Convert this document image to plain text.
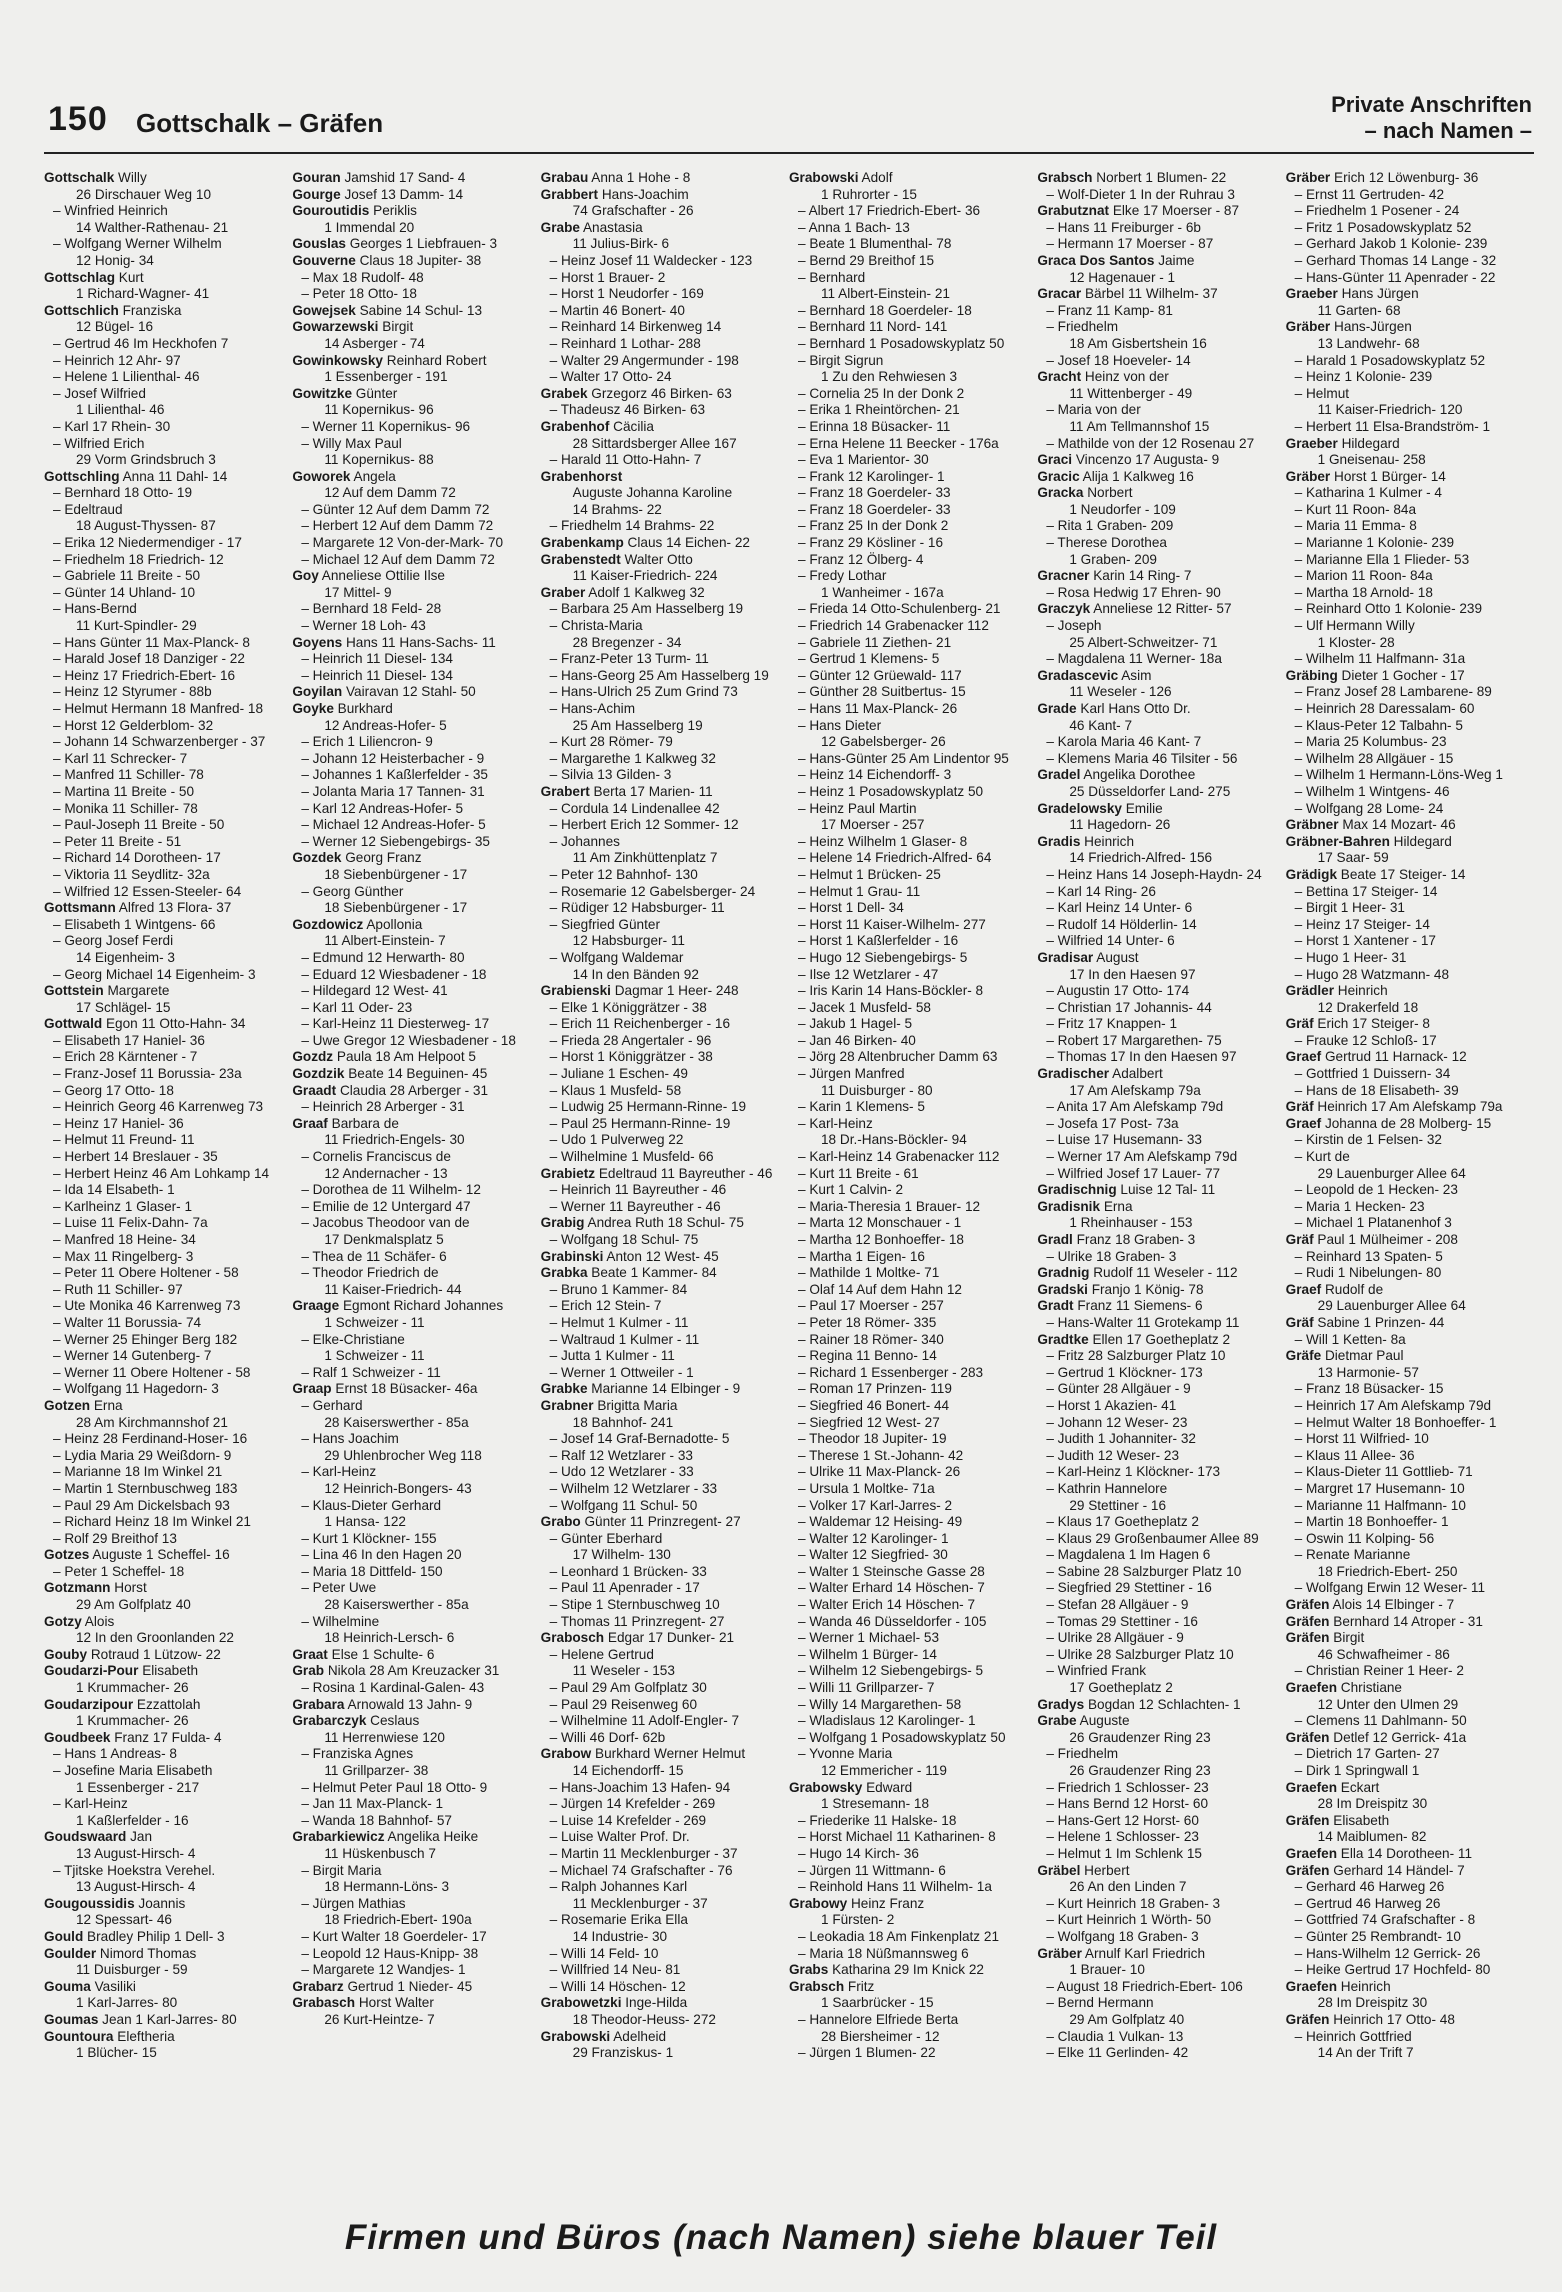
150 Gottschalk – Gräfen
Private Anschriften
– nach Namen –
Gottschalk Willy
26 Dirschauer Weg 10
– Winfried Heinrich
14 Walther-Rathenau- 21
– Wolfgang Werner Wilhelm
12 Honig- 34
Gottschlag Kurt
1 Richard-Wagner- 41
Gottschlich Franziska
12 Bügel- 16
– Gertrud 46 Im Heckhofen 7
– Heinrich 12 Ahr- 97
– Helene 1 Lilienthal- 46
– Josef Wilfried
1 Lilienthal- 46
– Karl 17 Rhein- 30
– Wilfried Erich
29 Vorm Grindsbruch 3
Gottschling Anna 11 Dahl- 14
– Bernhard 18 Otto- 19
– Edeltraud
18 August-Thyssen- 87
– Erika 12 Niedermendiger - 17
– Friedhelm 18 Friedrich- 12
– Gabriele 11 Breite - 50
– Günter 14 Uhland- 10
– Hans-Bernd
11 Kurt-Spindler- 29
– Hans Günter 11 Max-Planck- 8
– Harald Josef 18 Danziger - 22
– Heinz 17 Friedrich-Ebert- 16
– Heinz 12 Styrumer - 88b
– Helmut Hermann 18 Manfred- 18
– Horst 12 Gelderblom- 32
– Johann 14 Schwarzenberger - 37
– Karl 11 Schrecker- 7
– Manfred 11 Schiller- 78
– Martina 11 Breite - 50
– Monika 11 Schiller- 78
– Paul-Joseph 11 Breite - 50
– Peter 11 Breite - 51
– Richard 14 Dorotheen- 17
– Viktoria 11 Seydlitz- 32a
– Wilfried 12 Essen-Steeler- 64
Gottsmann Alfred 13 Flora- 37
– Elisabeth 1 Wintgens- 66
– Georg Josef Ferdi
14 Eigenheim- 3
– Georg Michael 14 Eigenheim- 3
Gottstein Margarete
17 Schlägel- 15
Gottwald Egon 11 Otto-Hahn- 34
– Elisabeth 17 Haniel- 36
– Erich 28 Kärntener - 7
– Franz-Josef 11 Borussia- 23a
– Georg 17 Otto- 18
– Heinrich Georg 46 Karrenweg 73
– Heinz 17 Haniel- 36
– Helmut 11 Freund- 11
– Herbert 14 Breslauer - 35
– Herbert Heinz 46 Am Lohkamp 14
– Ida 14 Elsabeth- 1
– Karlheinz 1 Glaser- 1
– Luise 11 Felix-Dahn- 7a
– Manfred 18 Heine- 34
– Max 11 Ringelberg- 3
– Peter 11 Obere Holtener - 58
– Ruth 11 Schiller- 97
– Ute Monika 46 Karrenweg 73
– Walter 11 Borussia- 74
– Werner 25 Ehinger Berg 182
– Werner 14 Gutenberg- 7
– Werner 11 Obere Holtener - 58
– Wolfgang 11 Hagedorn- 3
Gotzen Erna
28 Am Kirchmannshof 21
– Heinz 28 Ferdinand-Hoser- 16
– Lydia Maria 29 Weißdorn- 9
– Marianne 18 Im Winkel 21
– Martin 1 Sternbuschweg 183
– Paul 29 Am Dickelsbach 93
– Richard Heinz 18 Im Winkel 21
– Rolf 29 Breithof 13
Gotzes Auguste 1 Scheffel- 16
– Peter 1 Scheffel- 18
Gotzmann Horst
29 Am Golfplatz 40
Gotzy Alois
12 In den Groonlanden 22
Gouby Rotraud 1 Lützow- 22
Goudarzi-Pour Elisabeth
1 Krummacher- 26
Goudarzipour Ezzattolah
1 Krummacher- 26
Goudbeek Franz 17 Fulda- 4
– Hans 1 Andreas- 8
– Josefine Maria Elisabeth
1 Essenberger - 217
– Karl-Heinz
1 Kaßlerfelder - 16
Goudswaard Jan
13 August-Hirsch- 4
– Tjitske Hoekstra Verehel.
13 August-Hirsch- 4
Gougoussidis Joannis
12 Spessart- 46
Gould Bradley Philip 1 Dell- 3
Goulder Nimord Thomas
11 Duisburger - 59
Gouma Vasiliki
1 Karl-Jarres- 80
Goumas Jean 1 Karl-Jarres- 80
Gountoura Eleftheria
1 Blücher- 15
Gouran Jamshid 17 Sand- 4
Gourge Josef 13 Damm- 14
Gouroutidis Periklis
1 Immendal 20
Gouslas Georges 1 Liebfrauen- 3
Gouverne Claus 18 Jupiter- 38
– Max 18 Rudolf- 48
– Peter 18 Otto- 18
Gowejsek Sabine 14 Schul- 13
Gowarzewski Birgit
14 Asberger - 74
Gowinkowsky Reinhard Robert
1 Essenberger - 191
Gowitzke Günter
11 Kopernikus- 96
– Werner 11 Kopernikus- 96
– Willy Max Paul
11 Kopernikus- 88
Goworek Angela
12 Auf dem Damm 72
– Günter 12 Auf dem Damm 72
– Herbert 12 Auf dem Damm 72
– Margarete 12 Von-der-Mark- 70
– Michael 12 Auf dem Damm 72
Goy Anneliese Ottilie Ilse
17 Mittel- 9
– Bernhard 18 Feld- 28
– Werner 18 Loh- 43
Goyens Hans 11 Hans-Sachs- 11
– Heinrich 11 Diesel- 134
– Heinrich 11 Diesel- 134
Goyilan Vairavan 12 Stahl- 50
Goyke Burkhard
12 Andreas-Hofer- 5
– Erich 1 Liliencron- 9
– Johann 12 Heisterbacher - 9
– Johannes 1 Kaßlerfelder - 35
– Jolanta Maria 17 Tannen- 31
– Karl 12 Andreas-Hofer- 5
– Michael 12 Andreas-Hofer- 5
– Werner 12 Siebengebirgs- 35
Gozdek Georg Franz
18 Siebenbürgener - 17
– Georg Günther
18 Siebenbürgener - 17
Gozdowicz Apollonia
11 Albert-Einstein- 7
– Edmund 12 Herwarth- 80
– Eduard 12 Wiesbadener - 18
– Hildegard 12 West- 41
– Karl 11 Oder- 23
– Karl-Heinz 11 Diesterweg- 17
– Uwe Gregor 12 Wiesbadener - 18
Gozdz Paula 18 Am Helpoot 5
Gozdzik Beate 14 Beguinen- 45
Graadt Claudia 28 Arberger - 31
– Heinrich 28 Arberger - 31
Graaf Barbara de
11 Friedrich-Engels- 30
– Cornelis Franciscus de
12 Andernacher - 13
– Dorothea de 11 Wilhelm- 12
– Emilie de 12 Untergard 47
– Jacobus Theodoor van de
17 Denkmalsplatz 5
– Thea de 11 Schäfer- 6
– Theodor Friedrich de
11 Kaiser-Friedrich- 44
Graage Egmont Richard Johannes
1 Schweizer - 11
– Elke-Christiane
1 Schweizer - 11
– Ralf 1 Schweizer - 11
Graap Ernst 18 Büsacker- 46a
– Gerhard
28 Kaiserswerther - 85a
– Hans Joachim
29 Uhlenbrocher Weg 118
– Karl-Heinz
12 Heinrich-Bongers- 43
– Klaus-Dieter Gerhard
1 Hansa- 122
– Kurt 1 Klöckner- 155
– Lina 46 In den Hagen 20
– Maria 18 Dittfeld- 150
– Peter Uwe
28 Kaiserswerther - 85a
– Wilhelmine
18 Heinrich-Lersch- 6
Graat Else 1 Schulte- 6
Grab Nikola 28 Am Kreuzacker 31
– Rosina 1 Kardinal-Galen- 43
Grabara Arnowald 13 Jahn- 9
Grabarczyk Ceslaus
11 Herrenwiese 120
– Franziska Agnes
11 Grillparzer- 38
– Helmut Peter Paul 18 Otto- 9
– Jan 11 Max-Planck- 1
– Wanda 18 Bahnhof- 57
Grabarkiewicz Angelika Heike
11 Hüskenbusch 7
– Birgit Maria
18 Hermann-Löns- 3
– Jürgen Mathias
18 Friedrich-Ebert- 190a
– Kurt Walter 18 Goerdeler- 17
– Leopold 12 Haus-Knipp- 38
– Margarete 12 Wandjes- 1
Grabarz Gertrud 1 Nieder- 45
Grabasch Horst Walter
26 Kurt-Heintze- 7
Grabau Anna 1 Hohe - 8
Grabbert Hans-Joachim
74 Grafschafter - 26
Grabe Anastasia
11 Julius-Birk- 6
– Heinz Josef 11 Waldecker - 123
– Horst 1 Brauer- 2
– Horst 1 Neudorfer - 169
– Martin 46 Bonert- 40
– Reinhard 14 Birkenweg 14
– Reinhard 1 Lothar- 288
– Walter 29 Angermunder - 198
– Walter 17 Otto- 24
Grabek Grzegorz 46 Birken- 63
– Thadeusz 46 Birken- 63
Grabenhof Cäcilia
28 Sittardsberger Allee 167
– Harald 11 Otto-Hahn- 7
Grabenhorst
Auguste Johanna Karoline
14 Brahms- 22
– Friedhelm 14 Brahms- 22
Grabenkamp Claus 14 Eichen- 22
Grabenstedt Walter Otto
11 Kaiser-Friedrich- 224
Graber Adolf 1 Kalkweg 32
– Barbara 25 Am Hasselberg 19
– Christa-Maria
28 Bregenzer - 34
– Franz-Peter 13 Turm- 11
– Hans-Georg 25 Am Hasselberg 19
– Hans-Ulrich 25 Zum Grind 73
– Hans-Achim
25 Am Hasselberg 19
– Kurt 28 Römer- 79
– Margarethe 1 Kalkweg 32
– Silvia 13 Gilden- 3
Grabert Berta 17 Marien- 11
– Cordula 14 Lindenallee 42
– Herbert Erich 12 Sommer- 12
– Johannes
11 Am Zinkhüttenplatz 7
– Peter 12 Bahnhof- 130
– Rosemarie 12 Gabelsberger- 24
– Rüdiger 12 Habsburger- 11
– Siegfried Günter
12 Habsburger- 11
– Wolfgang Waldemar
14 In den Bänden 92
Grabienski Dagmar 1 Heer- 248
– Elke 1 Königgrätzer - 38
– Erich 11 Reichenberger - 16
– Frieda 28 Angertaler - 96
– Horst 1 Königgrätzer - 38
– Juliane 1 Eschen- 49
– Klaus 1 Musfeld- 58
– Ludwig 25 Hermann-Rinne- 19
– Paul 25 Hermann-Rinne- 19
– Udo 1 Pulverweg 22
– Wilhelmine 1 Musfeld- 66
Grabietz Edeltraud 11 Bayreuther - 46
– Heinrich 11 Bayreuther - 46
– Werner 11 Bayreuther - 46
Grabig Andrea Ruth 18 Schul- 75
– Wolfgang 18 Schul- 75
Grabinski Anton 12 West- 45
Grabka Beate 1 Kammer- 84
– Bruno 1 Kammer- 84
– Erich 12 Stein- 7
– Helmut 1 Kulmer - 11
– Waltraud 1 Kulmer - 11
– Jutta 1 Kulmer - 11
– Werner 1 Ottweiler - 1
Grabke Marianne 14 Elbinger - 9
Grabner Brigitta Maria
18 Bahnhof- 241
– Josef 14 Graf-Bernadotte- 5
– Ralf 12 Wetzlarer - 33
– Udo 12 Wetzlarer - 33
– Wilhelm 12 Wetzlarer - 33
– Wolfgang 11 Schul- 50
Grabo Günter 11 Prinzregent- 27
– Günter Eberhard
17 Wilhelm- 130
– Leonhard 1 Brücken- 33
– Paul 11 Apenrader - 17
– Stipe 1 Sternbuschweg 10
– Thomas 11 Prinzregent- 27
Grabosch Edgar 17 Dunker- 21
– Helene Gertrud
11 Weseler - 153
– Paul 29 Am Golfplatz 30
– Paul 29 Reisenweg 60
– Wilhelmine 11 Adolf-Engler- 7
– Willi 46 Dorf- 62b
Grabow Burkhard Werner Helmut
14 Eichendorff- 15
– Hans-Joachim 13 Hafen- 94
– Jürgen 14 Krefelder - 269
– Luise 14 Krefelder - 269
– Luise Walter Prof. Dr.
– Martin 11 Mecklenburger - 37
– Michael 74 Grafschafter - 76
– Ralph Johannes Karl
11 Mecklenburger - 37
– Rosemarie Erika Ella
14 Industrie- 30
– Willi 14 Feld- 10
– Willfried 14 Neu- 81
– Willi 14 Höschen- 12
Grabowetzki Inge-Hilda
18 Theodor-Heuss- 272
Grabowski Adelheid
29 Franziskus- 1
Grabowski Adolf
1 Ruhrorter - 15
– Albert 17 Friedrich-Ebert- 36
– Anna 1 Bach- 13
– Beate 1 Blumenthal- 78
– Bernd 29 Breithof 15
– Bernhard
11 Albert-Einstein- 21
– Bernhard 18 Goerdeler- 18
– Bernhard 11 Nord- 141
– Bernhard 1 Posadowskyplatz 50
– Birgit Sigrun
1 Zu den Rehwiesen 3
– Cornelia 25 In der Donk 2
– Erika 1 Rheintörchen- 21
– Erinna 18 Büsacker- 11
– Erna Helene 11 Beecker - 176a
– Eva 1 Marientor- 30
– Frank 12 Karolinger- 1
– Franz 18 Goerdeler- 33
– Franz 18 Goerdeler- 33
– Franz 25 In der Donk 2
– Franz 29 Kösliner - 16
– Franz 12 Ölberg- 4
– Fredy Lothar
1 Wanheimer - 167a
– Frieda 14 Otto-Schulenberg- 21
– Friedrich 14 Grabenacker 112
– Gabriele 11 Ziethen- 21
– Gertrud 1 Klemens- 5
– Günter 12 Grüewald- 117
– Günther 28 Suitbertus- 15
– Hans 11 Max-Planck- 26
– Hans Dieter
12 Gabelsberger- 26
– Hans-Günter 25 Am Lindentor 95
– Heinz 14 Eichendorff- 3
– Heinz 1 Posadowskyplatz 50
– Heinz Paul Martin
17 Moerser - 257
– Heinz Wilhelm 1 Glaser- 8
– Helene 14 Friedrich-Alfred- 64
– Helmut 1 Brücken- 25
– Helmut 1 Grau- 11
– Horst 1 Dell- 34
– Horst 11 Kaiser-Wilhelm- 277
– Horst 1 Kaßlerfelder - 16
– Hugo 12 Siebengebirgs- 5
– Ilse 12 Wetzlarer - 47
– Iris Karin 14 Hans-Böckler- 8
– Jacek 1 Musfeld- 58
– Jakub 1 Hagel- 5
– Jan 46 Birken- 40
– Jörg 28 Altenbrucher Damm 63
– Jürgen Manfred
11 Duisburger - 80
– Karin 1 Klemens- 5
– Karl-Heinz
18 Dr.-Hans-Böckler- 94
– Karl-Heinz 14 Grabenacker 112
– Kurt 11 Breite - 61
– Kurt 1 Calvin- 2
– Maria-Theresia 1 Brauer- 12
– Marta 12 Monschauer - 1
– Martha 12 Bonhoeffer- 18
– Martha 1 Eigen- 16
– Mathilde 1 Moltke- 71
– Olaf 14 Auf dem Hahn 12
– Paul 17 Moerser - 257
– Peter 18 Römer- 335
– Rainer 18 Römer- 340
– Regina 11 Benno- 14
– Richard 1 Essenberger - 283
– Roman 17 Prinzen- 119
– Siegfried 46 Bonert- 44
– Siegfried 12 West- 27
– Theodor 18 Jupiter- 19
– Therese 1 St.-Johann- 42
– Ulrike 11 Max-Planck- 26
– Ursula 1 Moltke- 71a
– Volker 17 Karl-Jarres- 2
– Waldemar 12 Heising- 49
– Walter 12 Karolinger- 1
– Walter 12 Siegfried- 30
– Walter 1 Steinsche Gasse 28
– Walter Erhard 14 Höschen- 7
– Walter Erich 14 Höschen- 7
– Wanda 46 Düsseldorfer - 105
– Werner 1 Michael- 53
– Wilhelm 1 Bürger- 14
– Wilhelm 12 Siebengebirgs- 5
– Willi 11 Grillparzer- 7
– Willy 14 Margarethen- 58
– Wladislaus 12 Karolinger- 1
– Wolfgang 1 Posadowskyplatz 50
– Yvonne Maria
12 Emmericher - 119
Grabowsky Edward
1 Stresemann- 18
– Friederike 11 Halske- 18
– Horst Michael 11 Katharinen- 8
– Hugo 14 Kirch- 36
– Jürgen 11 Wittmann- 6
– Reinhold Hans 11 Wilhelm- 1a
Grabowy Heinz Franz
1 Fürsten- 2
– Leokadia 18 Am Finkenplatz 21
– Maria 18 Nüßmannsweg 6
Grabs Katharina 29 Im Knick 22
Grabsch Fritz
1 Saarbrücker - 15
– Hannelore Elfriede Berta
28 Biersheimer - 12
– Jürgen 1 Blumen- 22
Grabsch Norbert 1 Blumen- 22
– Wolf-Dieter 1 In der Ruhrau 3
Grabutznat Elke 17 Moerser - 87
– Hans 11 Freiburger - 6b
– Hermann 17 Moerser - 87
Graca Dos Santos Jaime
12 Hagenauer - 1
Gracar Bärbel 11 Wilhelm- 37
– Franz 11 Kamp- 81
– Friedhelm
18 Am Gisbertshein 16
– Josef 18 Hoeveler- 14
Gracht Heinz von der
11 Wittenberger - 49
– Maria von der
11 Am Tellmannshof 15
– Mathilde von der 12 Rosenau 27
Graci Vincenzo 17 Augusta- 9
Gracic Alija 1 Kalkweg 16
Gracka Norbert
1 Neudorfer - 109
– Rita 1 Graben- 209
– Therese Dorothea
1 Graben- 209
Gracner Karin 14 Ring- 7
– Rosa Hedwig 17 Ehren- 90
Graczyk Anneliese 12 Ritter- 57
– Joseph
25 Albert-Schweitzer- 71
– Magdalena 11 Werner- 18a
Gradascevic Asim
11 Weseler - 126
Grade Karl Hans Otto Dr.
46 Kant- 7
– Karola Maria 46 Kant- 7
– Klemens Maria 46 Tilsiter - 56
Gradel Angelika Dorothee
25 Düsseldorfer Land- 275
Gradelowsky Emilie
11 Hagedorn- 26
Gradis Heinrich
14 Friedrich-Alfred- 156
– Heinz Hans 14 Joseph-Haydn- 24
– Karl 14 Ring- 26
– Karl Heinz 14 Unter- 6
– Rudolf 14 Hölderlin- 14
– Wilfried 14 Unter- 6
Gradisar August
17 In den Haesen 97
– Augustin 17 Otto- 174
– Christian 17 Johannis- 44
– Fritz 17 Knappen- 1
– Robert 17 Margarethen- 75
– Thomas 17 In den Haesen 97
Gradischer Adalbert
17 Am Alefskamp 79a
– Anita 17 Am Alefskamp 79d
– Josefa 17 Post- 73a
– Luise 17 Husemann- 33
– Werner 17 Am Alefskamp 79d
– Wilfried Josef 17 Lauer- 77
Gradischnig Luise 12 Tal- 11
Gradisnik Erna
1 Rheinhauser - 153
Gradl Franz 18 Graben- 3
– Ulrike 18 Graben- 3
Gradnig Rudolf 11 Weseler - 112
Gradski Franjo 1 König- 78
Gradt Franz 11 Siemens- 6
– Hans-Walter 11 Grotekamp 11
Gradtke Ellen 17 Goetheplatz 2
– Fritz 28 Salzburger Platz 10
– Gertrud 1 Klöckner- 173
– Günter 28 Allgäuer - 9
– Horst 1 Akazien- 41
– Johann 12 Weser- 23
– Judith 1 Johanniter- 32
– Judith 12 Weser- 23
– Karl-Heinz 1 Klöckner- 173
– Kathrin Hannelore
29 Stettiner - 16
– Klaus 17 Goetheplatz 2
– Klaus 29 Großenbaumer Allee 89
– Magdalena 1 Im Hagen 6
– Sabine 28 Salzburger Platz 10
– Siegfried 29 Stettiner - 16
– Stefan 28 Allgäuer - 9
– Tomas 29 Stettiner - 16
– Ulrike 28 Allgäuer - 9
– Ulrike 28 Salzburger Platz 10
– Winfried Frank
17 Goetheplatz 2
Gradys Bogdan 12 Schlachten- 1
Grabe Auguste
26 Graudenzer Ring 23
– Friedhelm
26 Graudenzer Ring 23
– Friedrich 1 Schlosser- 23
– Hans Bernd 12 Horst- 60
– Hans-Gert 12 Horst- 60
– Helene 1 Schlosser- 23
– Helmut 1 Im Schlenk 15
Gräbel Herbert
26 An den Linden 7
– Kurt Heinrich 18 Graben- 3
– Kurt Heinrich 1 Wörth- 50
– Wolfgang 18 Graben- 3
Gräber Arnulf Karl Friedrich
1 Brauer- 10
– August 18 Friedrich-Ebert- 106
– Bernd Hermann
29 Am Golfplatz 40
– Claudia 1 Vulkan- 13
– Elke 11 Gerlinden- 42
Gräber Erich 12 Löwenburg- 36
– Ernst 11 Gertruden- 42
– Friedhelm 1 Posener - 24
– Fritz 1 Posadowskyplatz 52
– Gerhard Jakob 1 Kolonie- 239
– Gerhard Thomas 14 Lange - 32
– Hans-Günter 11 Apenrader - 22
Graeber Hans Jürgen
11 Garten- 68
Gräber Hans-Jürgen
13 Landwehr- 68
– Harald 1 Posadowskyplatz 52
– Heinz 1 Kolonie- 239
– Helmut
11 Kaiser-Friedrich- 120
– Herbert 11 Elsa-Brandström- 1
Graeber Hildegard
1 Gneisenau- 258
Gräber Horst 1 Bürger- 14
– Katharina 1 Kulmer - 4
– Kurt 11 Roon- 84a
– Maria 11 Emma- 8
– Marianne 1 Kolonie- 239
– Marianne Ella 1 Flieder- 53
– Marion 11 Roon- 84a
– Martha 18 Arnold- 18
– Reinhard Otto 1 Kolonie- 239
– Ulf Hermann Willy
1 Kloster- 28
– Wilhelm 11 Halfmann- 31a
Gräbing Dieter 1 Gocher - 17
– Franz Josef 28 Lambarene- 89
– Heinrich 28 Daressalam- 60
– Klaus-Peter 12 Talbahn- 5
– Maria 25 Kolumbus- 23
– Wilhelm 28 Allgäuer - 15
– Wilhelm 1 Hermann-Löns-Weg 1
– Wilhelm 1 Wintgens- 46
– Wolfgang 28 Lome- 24
Gräbner Max 14 Mozart- 46
Gräbner-Bahren Hildegard
17 Saar- 59
Grädigk Beate 17 Steiger- 14
– Bettina 17 Steiger- 14
– Birgit 1 Heer- 31
– Heinz 17 Steiger- 14
– Horst 1 Xantener - 17
– Hugo 1 Heer- 31
– Hugo 28 Watzmann- 48
Grädler Heinrich
12 Drakerfeld 18
Gräf Erich 17 Steiger- 8
– Frauke 12 Schloß- 17
Graef Gertrud 11 Harnack- 12
– Gottfried 1 Duissern- 34
– Hans de 18 Elisabeth- 39
Gräf Heinrich 17 Am Alefskamp 79a
Graef Johanna de 28 Molberg- 15
– Kirstin de 1 Felsen- 32
– Kurt de
29 Lauenburger Allee 64
– Leopold de 1 Hecken- 23
– Maria 1 Hecken- 23
– Michael 1 Platanenhof 3
Gräf Paul 1 Mülheimer - 208
– Reinhard 13 Spaten- 5
– Rudi 1 Nibelungen- 80
Graef Rudolf de
29 Lauenburger Allee 64
Gräf Sabine 1 Prinzen- 44
– Will 1 Ketten- 8a
Gräfe Dietmar Paul
13 Harmonie- 57
– Franz 18 Büsacker- 15
– Heinrich 17 Am Alefskamp 79d
– Helmut Walter 18 Bonhoeffer- 1
– Horst 11 Wilfried- 10
– Klaus 11 Allee- 36
– Klaus-Dieter 11 Gottlieb- 71
– Margret 17 Husemann- 10
– Marianne 11 Halfmann- 10
– Martin 18 Bonhoeffer- 1
– Oswin 11 Kolping- 56
– Renate Marianne
18 Friedrich-Ebert- 250
– Wolfgang Erwin 12 Weser- 11
Gräfen Alois 14 Elbinger - 7
Gräfen Bernhard 14 Atroper - 31
Gräfen Birgit
46 Schwafheimer - 86
– Christian Reiner 1 Heer- 2
Graefen Christiane
12 Unter den Ulmen 29
– Clemens 11 Dahlmann- 50
Gräfen Detlef 12 Gerrick- 41a
– Dietrich 17 Garten- 27
– Dirk 1 Springwall 1
Graefen Eckart
28 Im Dreispitz 30
Gräfen Elisabeth
14 Maiblumen- 82
Graefen Ella 14 Dorotheen- 11
Gräfen Gerhard 14 Händel- 7
– Gerhard 46 Harweg 26
– Gertrud 46 Harweg 26
– Gottfried 74 Grafschafter - 8
– Günter 25 Rembrandt- 10
– Hans-Wilhelm 12 Gerrick- 26
– Heike Gertrud 17 Hochfeld- 80
Graefen Heinrich
28 Im Dreispitz 30
Gräfen Heinrich 17 Otto- 48
– Heinrich Gottfried
14 An der Trift 7
Firmen und Büros (nach Namen) siehe blauer Teil
